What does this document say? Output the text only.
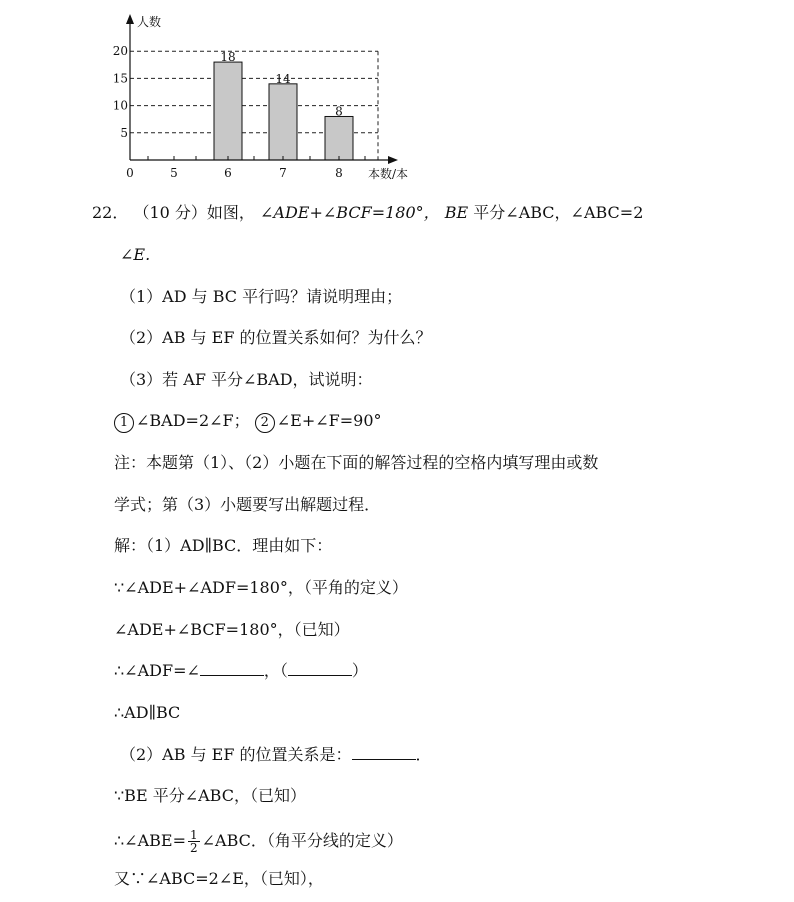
18
14
8
5
10
15
20
0	5	6	7	8
人数
本数/本
22． （10 分）如图， ∠ADE+∠BCF=180°， BE 平分∠ABC，∠ABC=2
∠E.
（1）AD 与 BC 平行吗？请说明理由；
（2）AB 与 EF 的位置关系如何？为什么？
（3）若 AF 平分∠BAD，试说明：
1 ∠BAD=2∠F； 2 ∠E+∠F=90°
注：本题第（1）、（2）小题在下面的解答过程的空格内填写理由或数
学式；第（3）小题要写出解题过程．
解：（1）AD∥BC．理由如下：
∵∠ADE+∠ADF=180°，（平角的定义）
∠ADE+∠BCF=180°，（已知）
∴∠ADF=∠	，（	）
∴AD∥BC
（2）AB 与 EF 的位置关系是：	．
∵BE 平分∠ABC，（已知）
∴∠ABE= $\frac{1}{2}$ ∠ABC．（角平分线的定义）
又∵∠ABC=2∠E，（已知），
